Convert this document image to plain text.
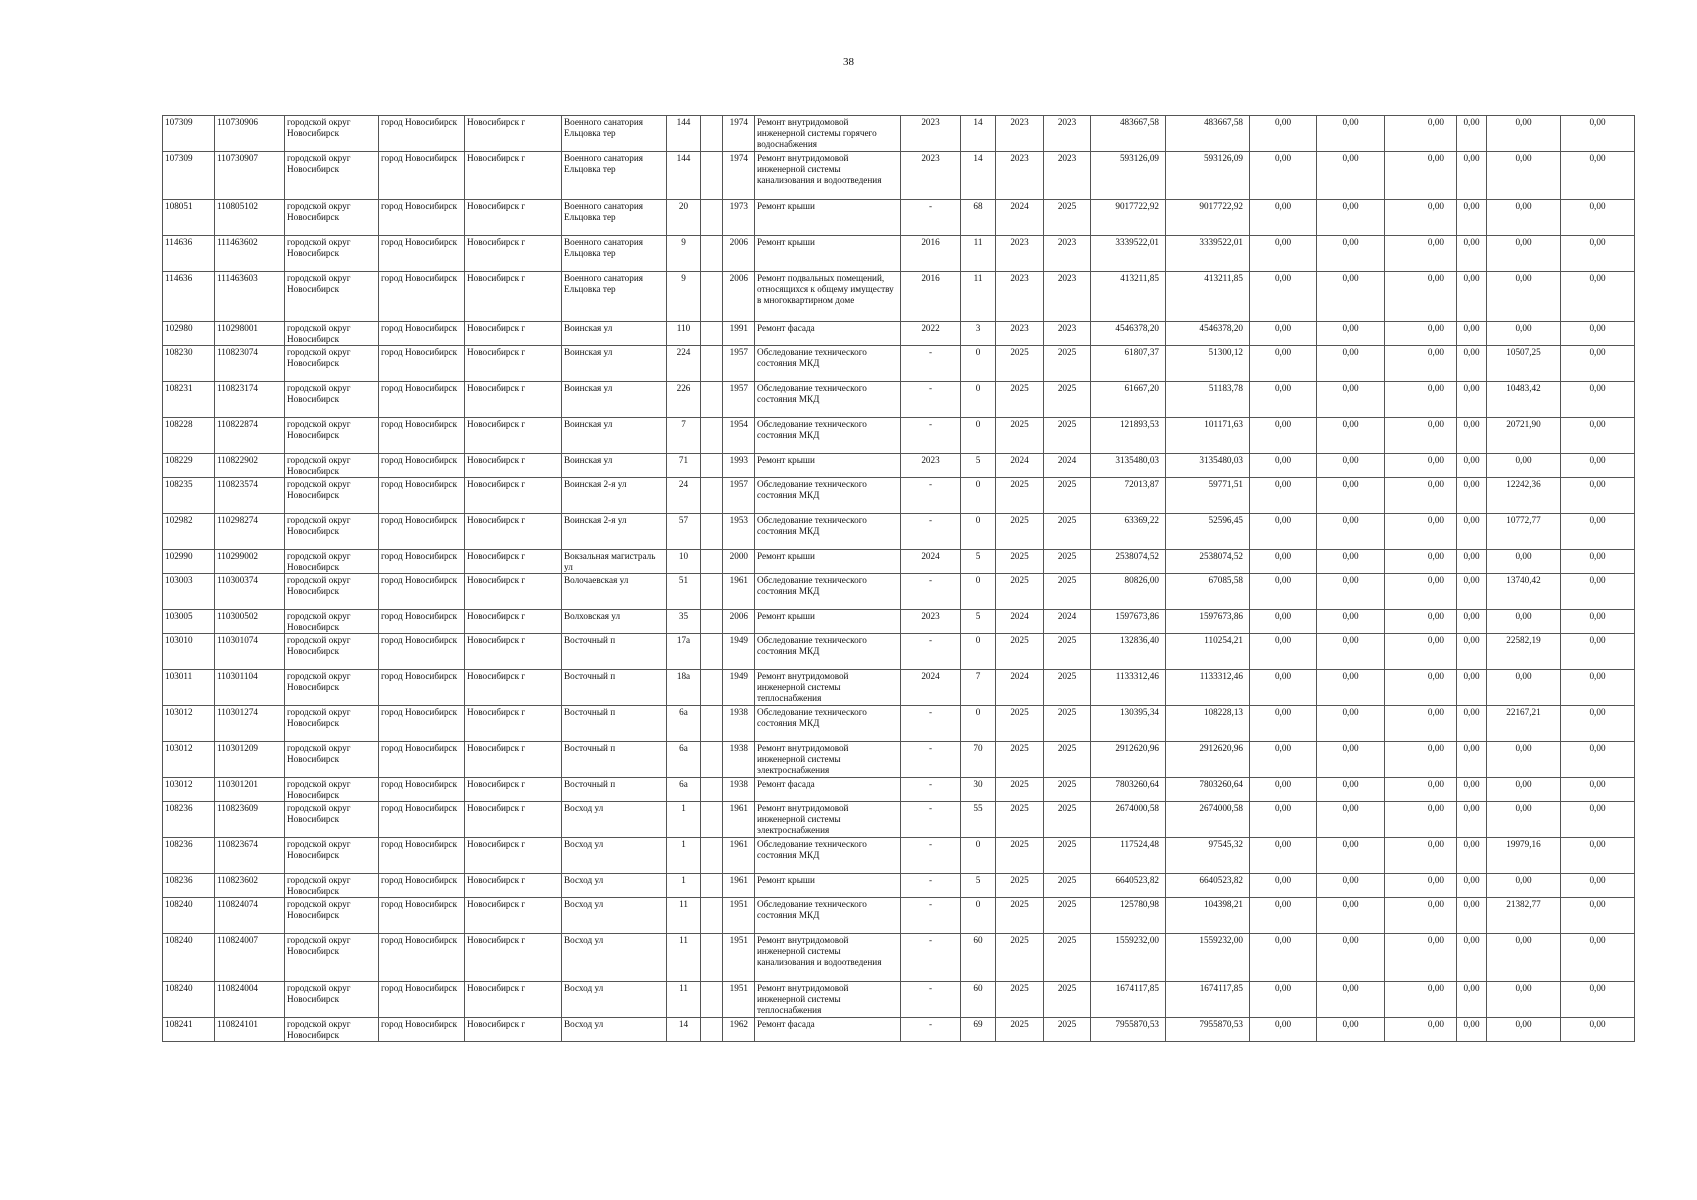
38
107309	110730906	городской округ Новосибирск	город Новосибирск	Новосибирск г	Военного санатория Ельцовка тер	144		1974	Ремонт внутридомовой инженерной системы горячего водоснабжения	2023	14	2023	2023	483667,58	483667,58	0,00	0,00	0,00	0,00	0,00	0,00
107309	110730907	городской округ Новосибирск	город Новосибирск	Новосибирск г	Военного санатория Ельцовка тер	144		1974	Ремонт внутридомовой инженерной системы канализования и водоотведения	2023	14	2023	2023	593126,09	593126,09	0,00	0,00	0,00	0,00	0,00	0,00
108051	110805102	городской округ Новосибирск	город Новосибирск	Новосибирск г	Военного санатория Ельцовка тер	20		1973	Ремонт крыши	-	68	2024	2025	9017722,92	9017722,92	0,00	0,00	0,00	0,00	0,00	0,00
114636	111463602	городской округ Новосибирск	город Новосибирск	Новосибирск г	Военного санатория Ельцовка тер	9		2006	Ремонт крыши	2016	11	2023	2023	3339522,01	3339522,01	0,00	0,00	0,00	0,00	0,00	0,00
114636	111463603	городской округ Новосибирск	город Новосибирск	Новосибирск г	Военного санатория Ельцовка тер	9		2006	Ремонт подвальных помещений, относящихся к общему имуществу в многоквартирном доме	2016	11	2023	2023	413211,85	413211,85	0,00	0,00	0,00	0,00	0,00	0,00
102980	110298001	городской округ Новосибирск	город Новосибирск	Новосибирск г	Воинская ул	110		1991	Ремонт фасада	2022	3	2023	2023	4546378,20	4546378,20	0,00	0,00	0,00	0,00	0,00	0,00
108230	110823074	городской округ Новосибирск	город Новосибирск	Новосибирск г	Воинская ул	224		1957	Обследование технического состояния МКД	-	0	2025	2025	61807,37	51300,12	0,00	0,00	0,00	0,00	10507,25	0,00
108231	110823174	городской округ Новосибирск	город Новосибирск	Новосибирск г	Воинская ул	226		1957	Обследование технического состояния МКД	-	0	2025	2025	61667,20	51183,78	0,00	0,00	0,00	0,00	10483,42	0,00
108228	110822874	городской округ Новосибирск	город Новосибирск	Новосибирск г	Воинская ул	7		1954	Обследование технического состояния МКД	-	0	2025	2025	121893,53	101171,63	0,00	0,00	0,00	0,00	20721,90	0,00
108229	110822902	городской округ Новосибирск	город Новосибирск	Новосибирск г	Воинская ул	71		1993	Ремонт крыши	2023	5	2024	2024	3135480,03	3135480,03	0,00	0,00	0,00	0,00	0,00	0,00
108235	110823574	городской округ Новосибирск	город Новосибирск	Новосибирск г	Воинская 2-я ул	24		1957	Обследование технического состояния МКД	-	0	2025	2025	72013,87	59771,51	0,00	0,00	0,00	0,00	12242,36	0,00
102982	110298274	городской округ Новосибирск	город Новосибирск	Новосибирск г	Воинская 2-я ул	57		1953	Обследование технического состояния МКД	-	0	2025	2025	63369,22	52596,45	0,00	0,00	0,00	0,00	10772,77	0,00
102990	110299002	городской округ Новосибирск	город Новосибирск	Новосибирск г	Вокзальная магистраль ул	10		2000	Ремонт крыши	2024	5	2025	2025	2538074,52	2538074,52	0,00	0,00	0,00	0,00	0,00	0,00
103003	110300374	городской округ Новосибирск	город Новосибирск	Новосибирск г	Волочаевская ул	51		1961	Обследование технического состояния МКД	-	0	2025	2025	80826,00	67085,58	0,00	0,00	0,00	0,00	13740,42	0,00
103005	110300502	городской округ Новосибирск	город Новосибирск	Новосибирск г	Волховская ул	35		2006	Ремонт крыши	2023	5	2024	2024	1597673,86	1597673,86	0,00	0,00	0,00	0,00	0,00	0,00
103010	110301074	городской округ Новосибирск	город Новосибирск	Новосибирск г	Восточный п	17а		1949	Обследование технического состояния МКД	-	0	2025	2025	132836,40	110254,21	0,00	0,00	0,00	0,00	22582,19	0,00
103011	110301104	городской округ Новосибирск	город Новосибирск	Новосибирск г	Восточный п	18а		1949	Ремонт внутридомовой инженерной системы теплоснабжения	2024	7	2024	2025	1133312,46	1133312,46	0,00	0,00	0,00	0,00	0,00	0,00
103012	110301274	городской округ Новосибирск	город Новосибирск	Новосибирск г	Восточный п	6а		1938	Обследование технического состояния МКД	-	0	2025	2025	130395,34	108228,13	0,00	0,00	0,00	0,00	22167,21	0,00
103012	110301209	городской округ Новосибирск	город Новосибирск	Новосибирск г	Восточный п	6а		1938	Ремонт внутридомовой инженерной системы электроснабжения	-	70	2025	2025	2912620,96	2912620,96	0,00	0,00	0,00	0,00	0,00	0,00
103012	110301201	городской округ Новосибирск	город Новосибирск	Новосибирск г	Восточный п	6а		1938	Ремонт фасада	-	30	2025	2025	7803260,64	7803260,64	0,00	0,00	0,00	0,00	0,00	0,00
108236	110823609	городской округ Новосибирск	город Новосибирск	Новосибирск г	Восход ул	1		1961	Ремонт внутридомовой инженерной системы электроснабжения	-	55	2025	2025	2674000,58	2674000,58	0,00	0,00	0,00	0,00	0,00	0,00
108236	110823674	городской округ Новосибирск	город Новосибирск	Новосибирск г	Восход ул	1		1961	Обследование технического состояния МКД	-	0	2025	2025	117524,48	97545,32	0,00	0,00	0,00	0,00	19979,16	0,00
108236	110823602	городской округ Новосибирск	город Новосибирск	Новосибирск г	Восход ул	1		1961	Ремонт крыши	-	5	2025	2025	6640523,82	6640523,82	0,00	0,00	0,00	0,00	0,00	0,00
108240	110824074	городской округ Новосибирск	город Новосибирск	Новосибирск г	Восход ул	11		1951	Обследование технического состояния МКД	-	0	2025	2025	125780,98	104398,21	0,00	0,00	0,00	0,00	21382,77	0,00
108240	110824007	городской округ Новосибирск	город Новосибирск	Новосибирск г	Восход ул	11		1951	Ремонт внутридомовой инженерной системы канализования и водоотведения	-	60	2025	2025	1559232,00	1559232,00	0,00	0,00	0,00	0,00	0,00	0,00
108240	110824004	городской округ Новосибирск	город Новосибирск	Новосибирск г	Восход ул	11		1951	Ремонт внутридомовой инженерной системы теплоснабжения	-	60	2025	2025	1674117,85	1674117,85	0,00	0,00	0,00	0,00	0,00	0,00
108241	110824101	городской округ Новосибирск	город Новосибирск	Новосибирск г	Восход ул	14		1962	Ремонт фасада	-	69	2025	2025	7955870,53	7955870,53	0,00	0,00	0,00	0,00	0,00	0,00
